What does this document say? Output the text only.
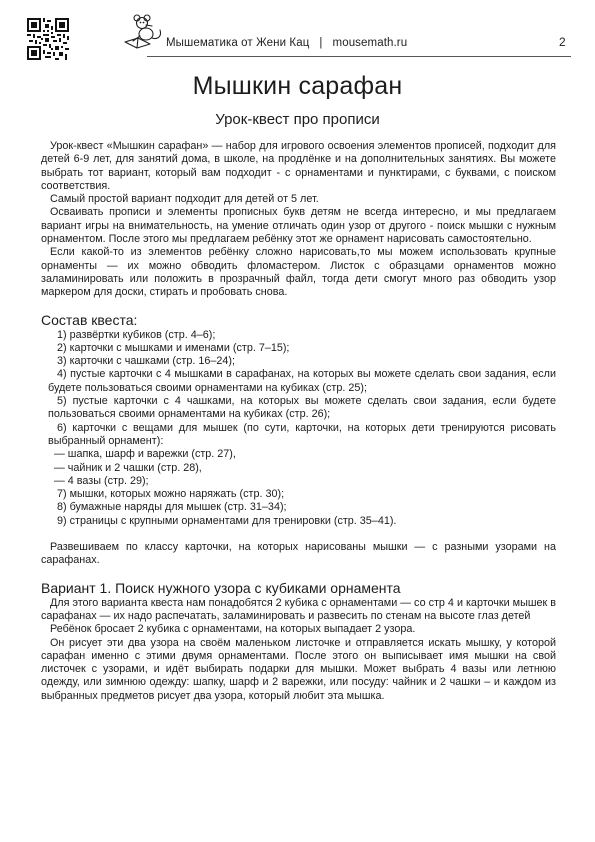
Мышематика от Жени Кац | mousemath.ru	2
Мышкин сарафан
Урок-квест про прописи

Урок-квест «Мышкин сарафан» — набор для игрового освоения элементов прописей, подходит для детей 6-9 лет, для занятий дома, в школе, на продлёнке и на дополнительных занятиях. Вы можете выбрать тот вариант, который вам подходит - с орнаментами и пунктирами, с буквами, с поиском соответствия.

Самый простой вариант подходит для детей от 5 лет.

Осваивать прописи и элементы прописных букв детям не всегда интересно, и мы предлагаем вариант игры на внимательность, на умение отличать один узор от другого - поиск мышки с нужным орнаментом. После этого мы предлагаем ребёнку этот же орнамент нарисовать самостоятельно.

Если какой-то из элементов ребёнку сложно нарисовать,то мы можем использовать крупные орнаменты — их можно обводить фломастером. Листок с образцами орнаментов можно заламинировать или положить в прозрачный файл, тогда дети смогут много раз обводить узор маркером для доски, стирать и пробовать снова.

Состав квеста:

1) развёртки кубиков (стр. 4–6);

2) карточки с мышками и именами (стр. 7–15);

3) карточки с чашками (стр. 16–24);

4) пустые карточки с 4 мышками в сарафанах, на которых вы можете сделать свои задания, если будете пользоваться своими орнаментами на кубиках (стр. 25);

5) пустые карточки с 4 чашками, на которых вы можете сделать свои задания, если будете пользоваться своими орнаментами на кубиках (стр. 26);

6) карточки с вещами для мышек (по сути, карточки, на которых дети тренируются рисовать выбранный орнамент):

— шапка, шарф и варежки (стр. 27),

— чайник и 2 чашки (стр. 28),

— 4 вазы (стр. 29);

7) мышки, которых можно наряжать (стр. 30);

8) бумажные наряды для мышек (стр. 31–34);

9) страницы с крупными орнаментами для тренировки (стр. 35–41).

Развешиваем по классу карточки, на которых нарисованы мышки — с разными узорами на сарафанах.

Вариант 1. Поиск нужного узора с кубиками орнамента

Для этого варианта квеста нам понадобятся 2 кубика с орнаментами — со стр 4 и карточки мышек в сарафанах — их надо распечатать, заламинировать и развесить по стенам на высоте глаз детей

Ребёнок бросает 2 кубика с орнаментами, на которых выпадает 2 узора.

Он рисует эти два узора на своём маленьком листочке и отправляется искать мышку, у которой сарафан именно с этими двумя орнаментами. После этого он выписывает имя мышки на свой листочек с узорами, и идёт выбирать подарки для мышки. Может выбрать 4 вазы или летнюю одежду, или зимнюю одежду: шапку, шарф и 2 варежки, или посуду: чайник и 2 чашки – и каждом из выбранных предметов рисует два узора, который любит эта мышка.
